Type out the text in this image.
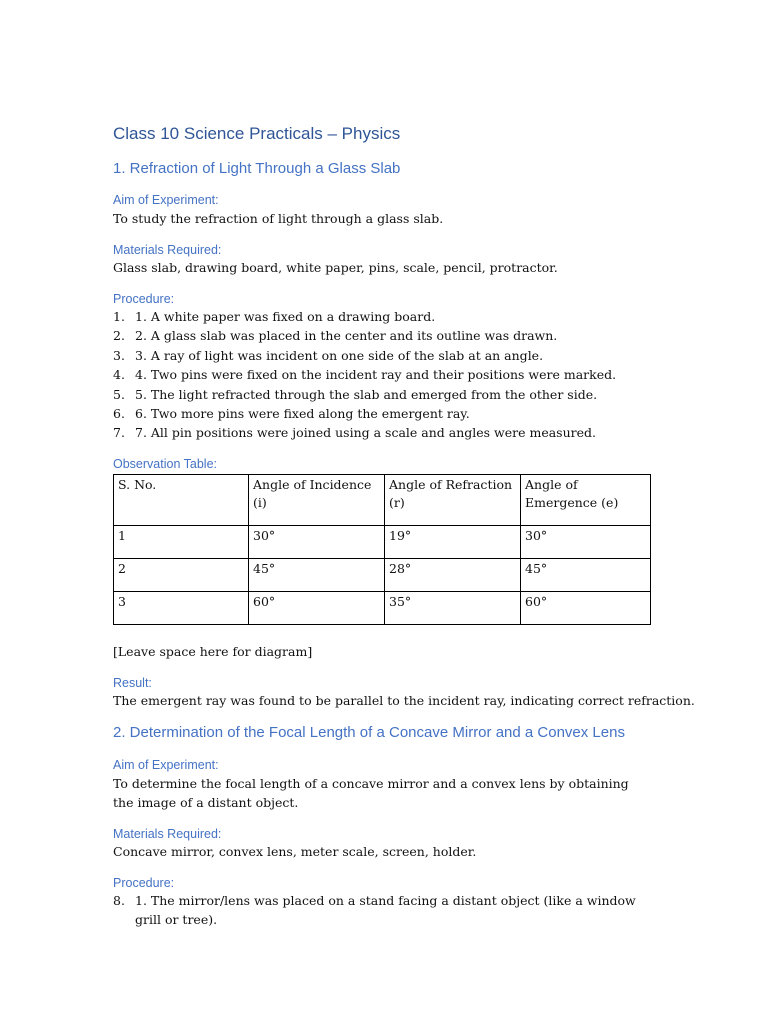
Class 10 Science Practicals – Physics
1. Refraction of Light Through a Glass Slab
Aim of Experiment:
To study the refraction of light through a glass slab.
Materials Required:
Glass slab, drawing board, white paper, pins, scale, pencil, protractor.
Procedure:
1. 1. A white paper was fixed on a drawing board.
2. 2. A glass slab was placed in the center and its outline was drawn.
3. 3. A ray of light was incident on one side of the slab at an angle.
4. 4. Two pins were fixed on the incident ray and their positions were marked.
5. 5. The light refracted through the slab and emerged from the other side.
6. 6. Two more pins were fixed along the emergent ray.
7. 7. All pin positions were joined using a scale and angles were measured.
Observation Table:
S. No.	Angle of Incidence (i)	Angle of Refraction (r)	Angle of Emergence (e)
1	30°	19°	30°
2	45°	28°	45°
3	60°	35°	60°
[Leave space here for diagram]
Result:
The emergent ray was found to be parallel to the incident ray, indicating correct refraction.
2. Determination of the Focal Length of a Concave Mirror and a Convex Lens
Aim of Experiment:
To determine the focal length of a concave mirror and a convex lens by obtaining the image of a distant object.
Materials Required:
Concave mirror, convex lens, meter scale, screen, holder.
Procedure:
8. 1. The mirror/lens was placed on a stand facing a distant object (like a window grill or tree).
